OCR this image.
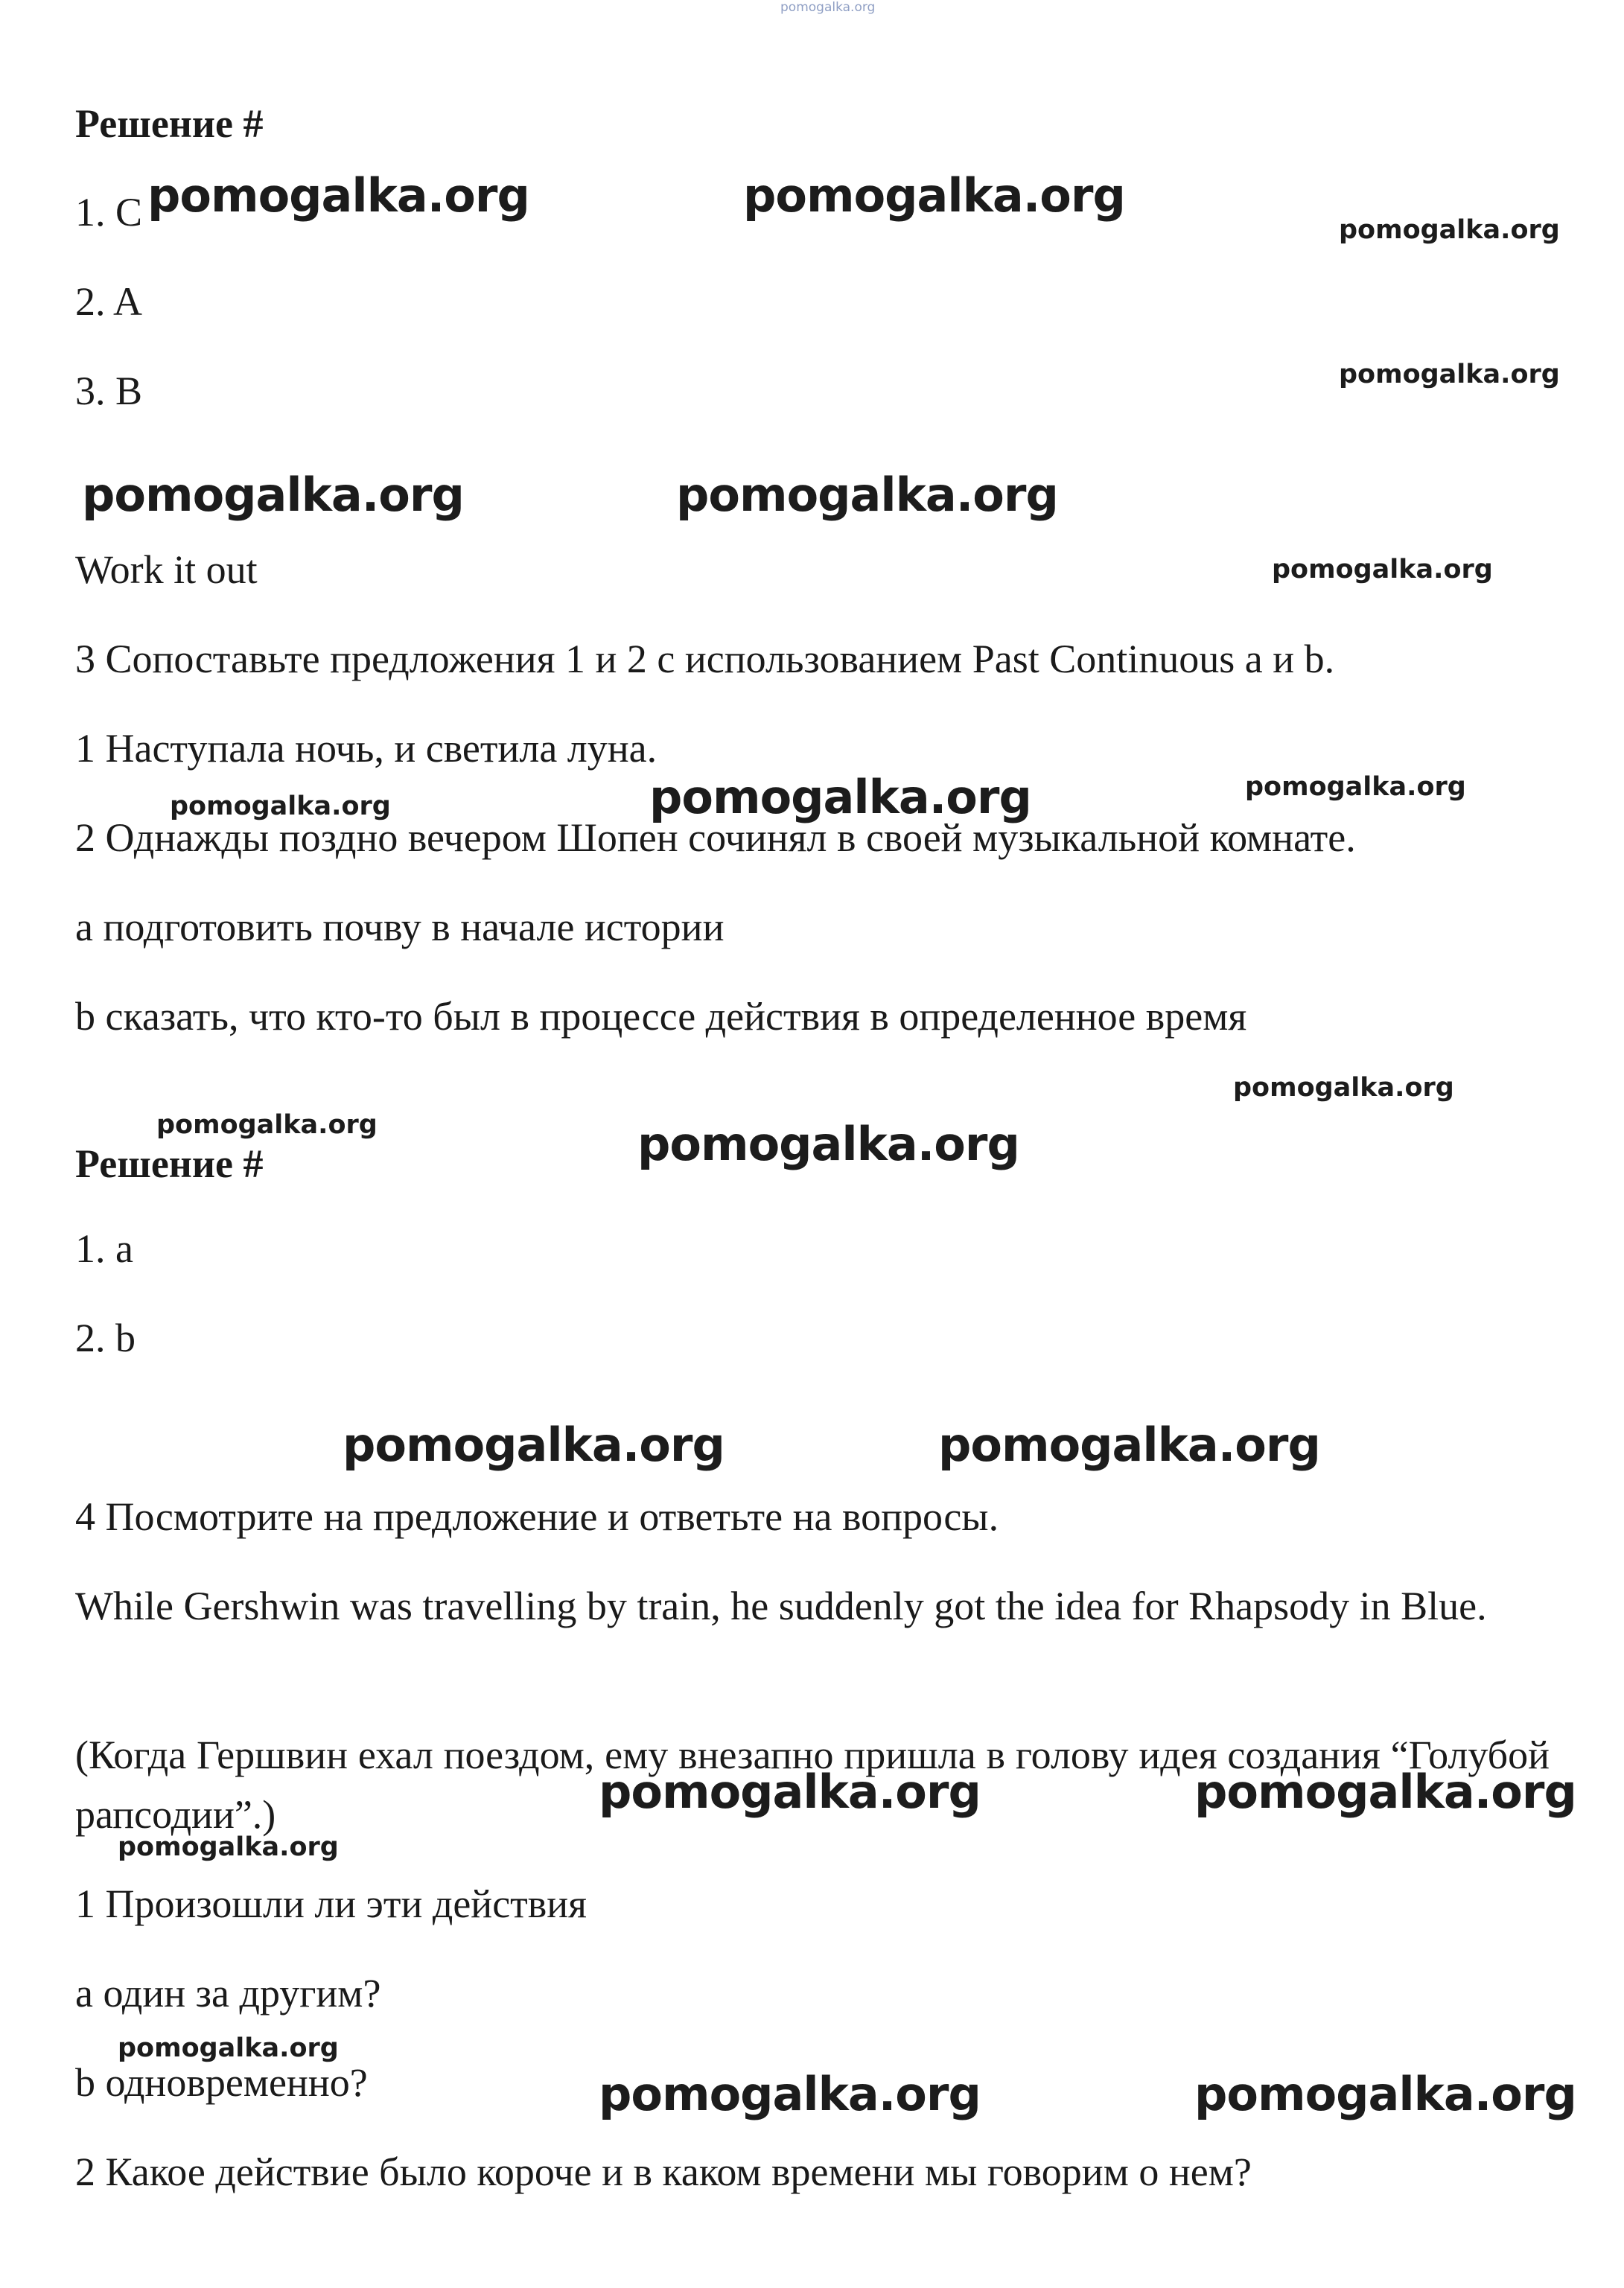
pomogalka.org
Решение #
1. C
2. A
3. B
Work it out
3 Сопоставьте предложения 1 и 2 с использованием Past Continuous a и b.
1 Наступала ночь, и светила луна.
2 Однажды поздно вечером Шопен сочинял в своей музыкальной комнате.
a подготовить почву в начале истории
b сказать, что кто-то был в процессе действия в определенное время
Решение #
1. a
2. b
4 Посмотрите на предложение и ответьте на вопросы.
While Gershwin was travelling by train, he suddenly got the idea for Rhapsody in Blue.
(Когда Гершвин ехал поездом, ему внезапно пришла в голову идея создания “Голубой рапсодии”.)
1 Произошли ли эти действия
a один за другим?
b одновременно?
2 Какое действие было короче и в каком времени мы говорим о нем?
pomogalka.org	pomogalka.org
pomogalka.org
pomogalka.org
pomogalka.org	pomogalka.org
pomogalka.org
pomogalka.org	pomogalka.org	pomogalka.org
pomogalka.org
pomogalka.org	pomogalka.org
pomogalka.org	pomogalka.org
pomogalka.org	pomogalka.org
pomogalka.org
pomogalka.org
pomogalka.org	pomogalka.org
